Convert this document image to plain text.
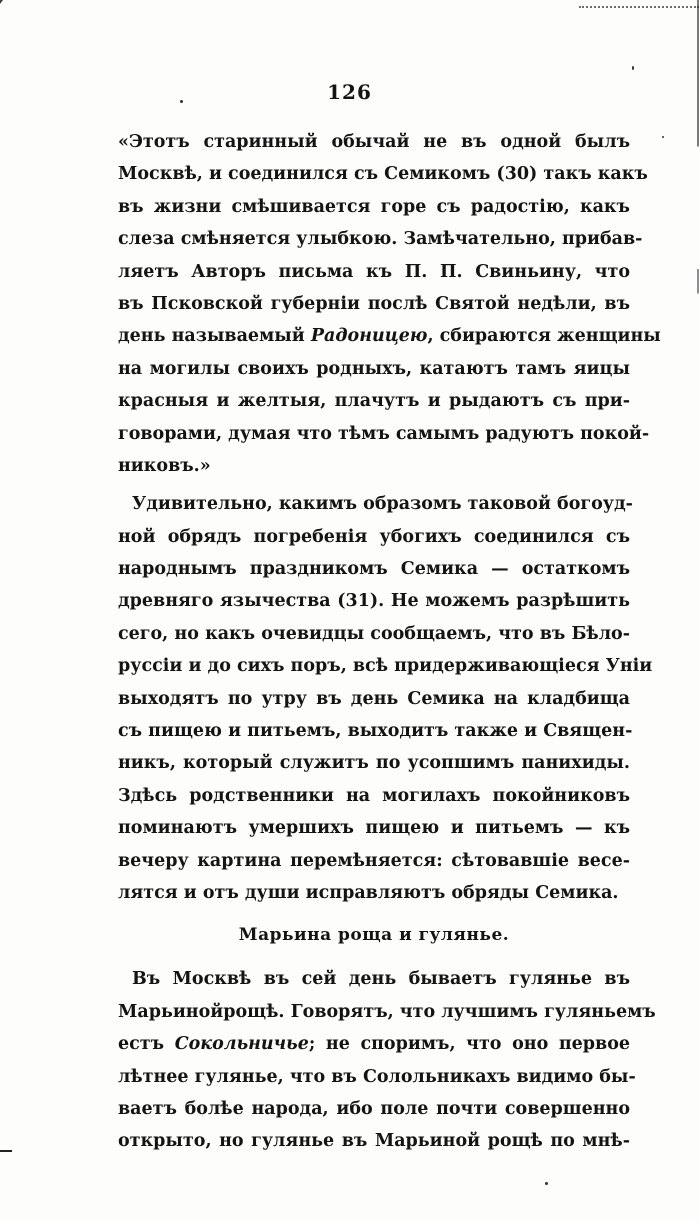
126
«Этотъ старинный обычай не въ одной былъ
Москвѣ, и соединился съ Семикомъ (30) такъ какъ
въ жизни смѣшивается горе съ радостію, какъ
слеза смѣняется улыбкою. Замѣчательно, прибав-
ляетъ Авторъ письма къ П. П. Свиньину, что
въ Псковской губерніи послѣ Святой недѣли, въ
день называемый Радоницею, сбираются женщины
на могилы своихъ родныхъ, катаютъ тамъ яицы
красныя и желтыя, плачутъ и рыдаютъ съ при-
говорами, думая что тѣмъ самымъ радуютъ покой-
никовъ.»
Удивительно, какимъ образомъ таковой богоуд-
ной обрядъ погребенія убогихъ соединился съ
народнымъ праздникомъ Семика — остаткомъ
древняго язычества (31). Не можемъ разрѣшить
сего, но какъ очевидцы сообщаемъ, что въ Бѣло-
руссіи и до сихъ поръ, всѣ придерживающіеся Уніи
выходятъ по утру въ день Семика на кладбища
съ пищею и питьемъ, выходитъ также и Священ-
никъ, который служитъ по усопшимъ панихиды.
Здѣсь родственники на могилахъ покойниковъ
поминаютъ умершихъ пищею и питьемъ — къ
вечеру картина перемѣняется: сѣтовавшіе весе-
лятся и отъ души исправляютъ обряды Семика.
Марьина роща и гулянье.
Въ Москвѣ въ сей день бываетъ гулянье въ
Марьинойрощѣ. Говорятъ, что лучшимъ гуляньемъ
естъ Сокольничье; не споримъ, что оно первое
лѣтнее гулянье, что въ Солольникахъ видимо бы-
ваетъ болѣе народа, ибо поле почти совершенно
открыто, но гулянье въ Марьиной рощѣ по мнѣ-
